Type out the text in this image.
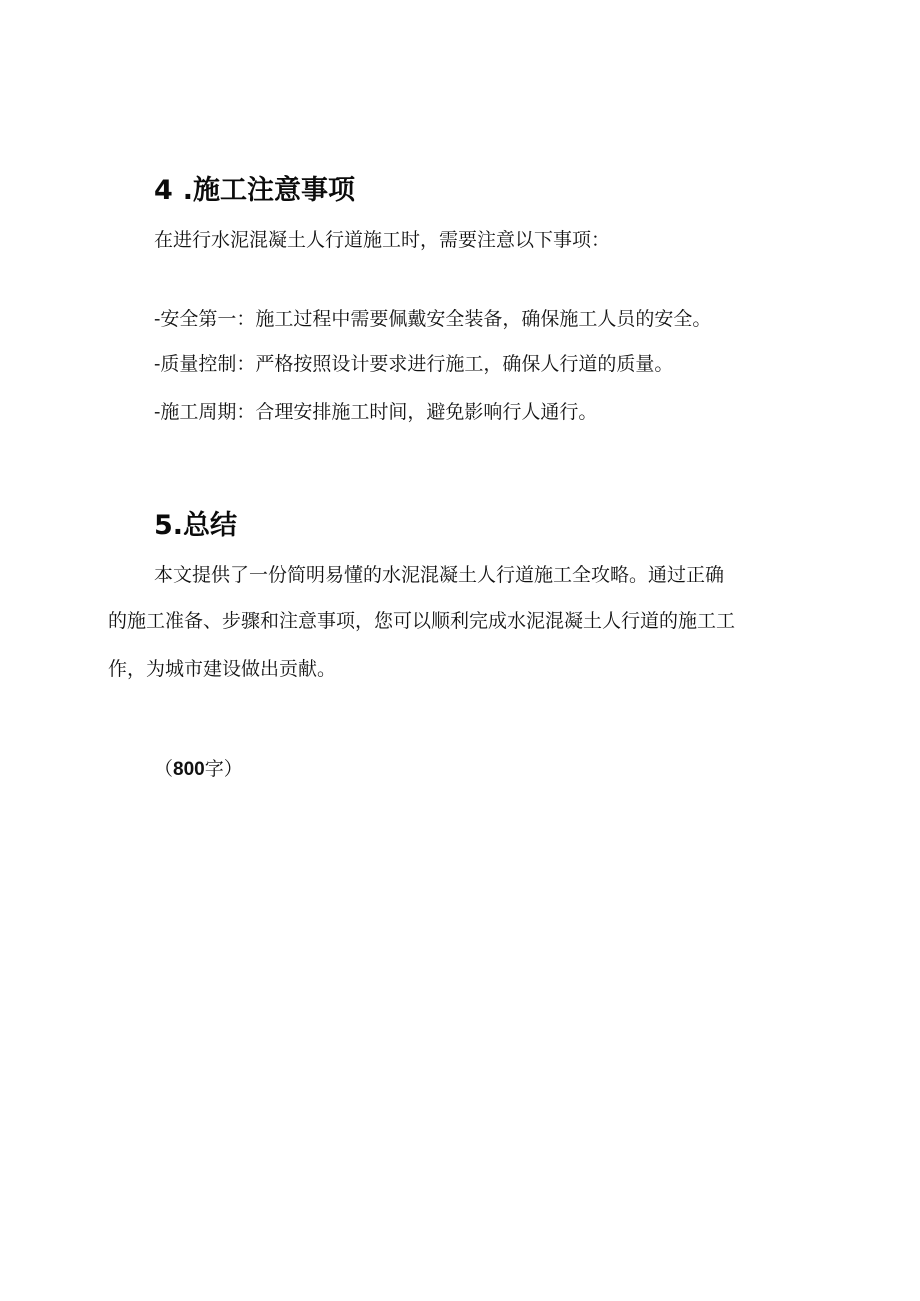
4.施工注意事项

在进行水泥混凝土人行道施工时，需要注意以下事项：

-安全第一：施工过程中需要佩戴安全装备，确保施工人员的安全。

-质量控制：严格按照设计要求进行施工，确保人行道的质量。

-施工周期：合理安排施工时间，避免影响行人通行。

5.总结

本文提供了一份简明易懂的水泥混凝土人行道施工全攻略。通过正确

的施工准备、步骤和注意事项，您可以顺利完成水泥混凝土人行道的施工工

作，为城市建设做出贡献。

（800字）
